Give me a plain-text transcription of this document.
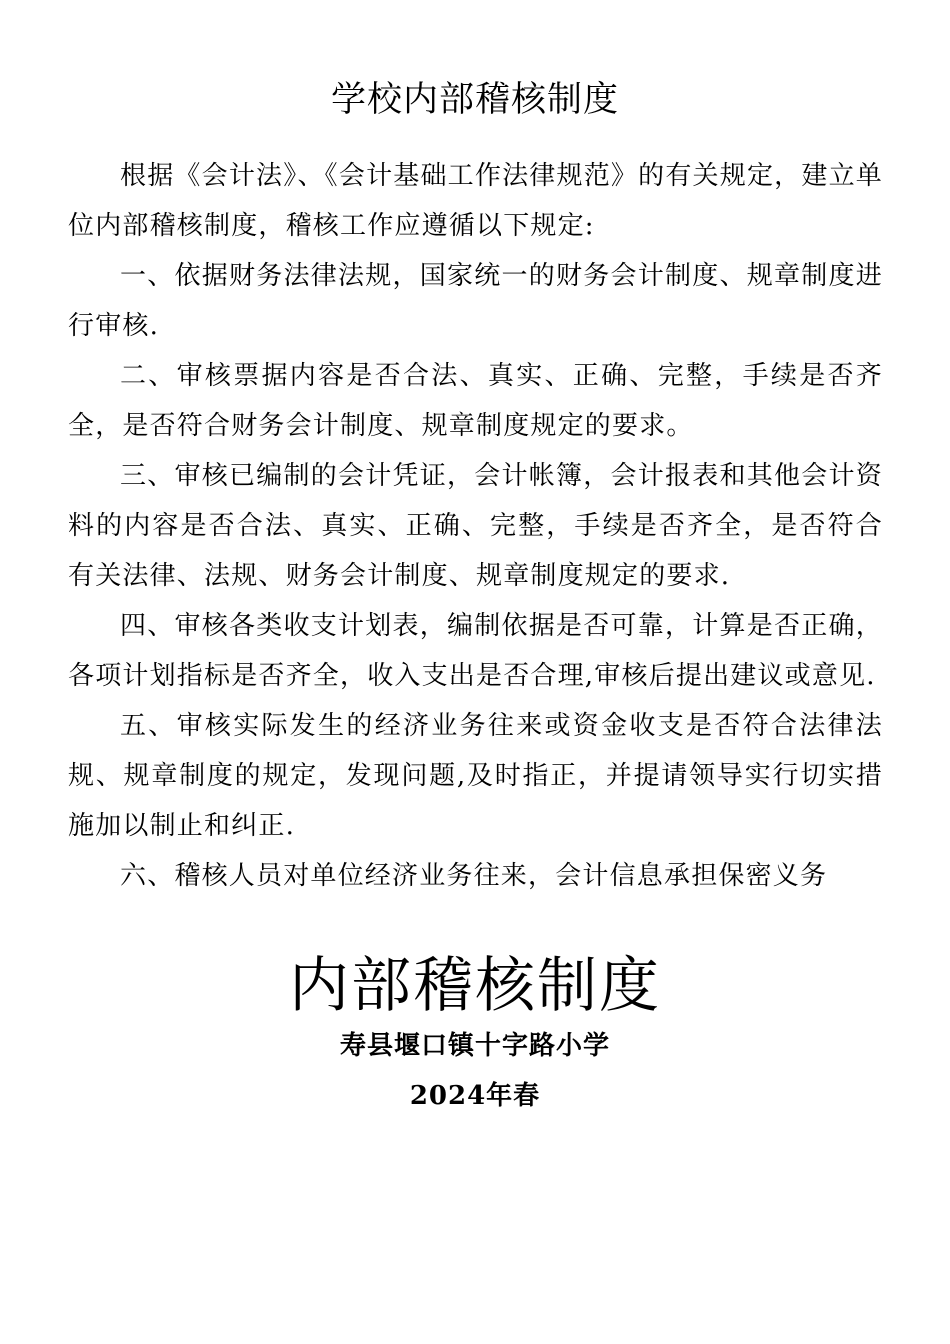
学校内部稽核制度

根据《会计法》、《会计基础工作法律规范》的有关规定，建立单位内部稽核制度，稽核工作应遵循以下规定:

一、依据财务法律法规，国家统一的财务会计制度、规章制度进行审核.

二、审核票据内容是否合法、真实、正确、完整，手续是否齐全，是否符合财务会计制度、规章制度规定的要求。

三、审核已编制的会计凭证，会计帐簿，会计报表和其他会计资料的内容是否合法、真实、正确、完整，手续是否齐全，是否符合有关法律、法规、财务会计制度、规章制度规定的要求.

四、审核各类收支计划表，编制依据是否可靠，计算是否正确，各项计划指标是否齐全，收入支出是否合理,审核后提出建议或意见.

五、审核实际发生的经济业务往来或资金收支是否符合法律法规、规章制度的规定，发现问题,及时指正，并提请领导实行切实措施加以制止和纠正.

六、稽核人员对单位经济业务往来，会计信息承担保密义务

内部稽核制度
寿县堰口镇十字路小学
2024年春
